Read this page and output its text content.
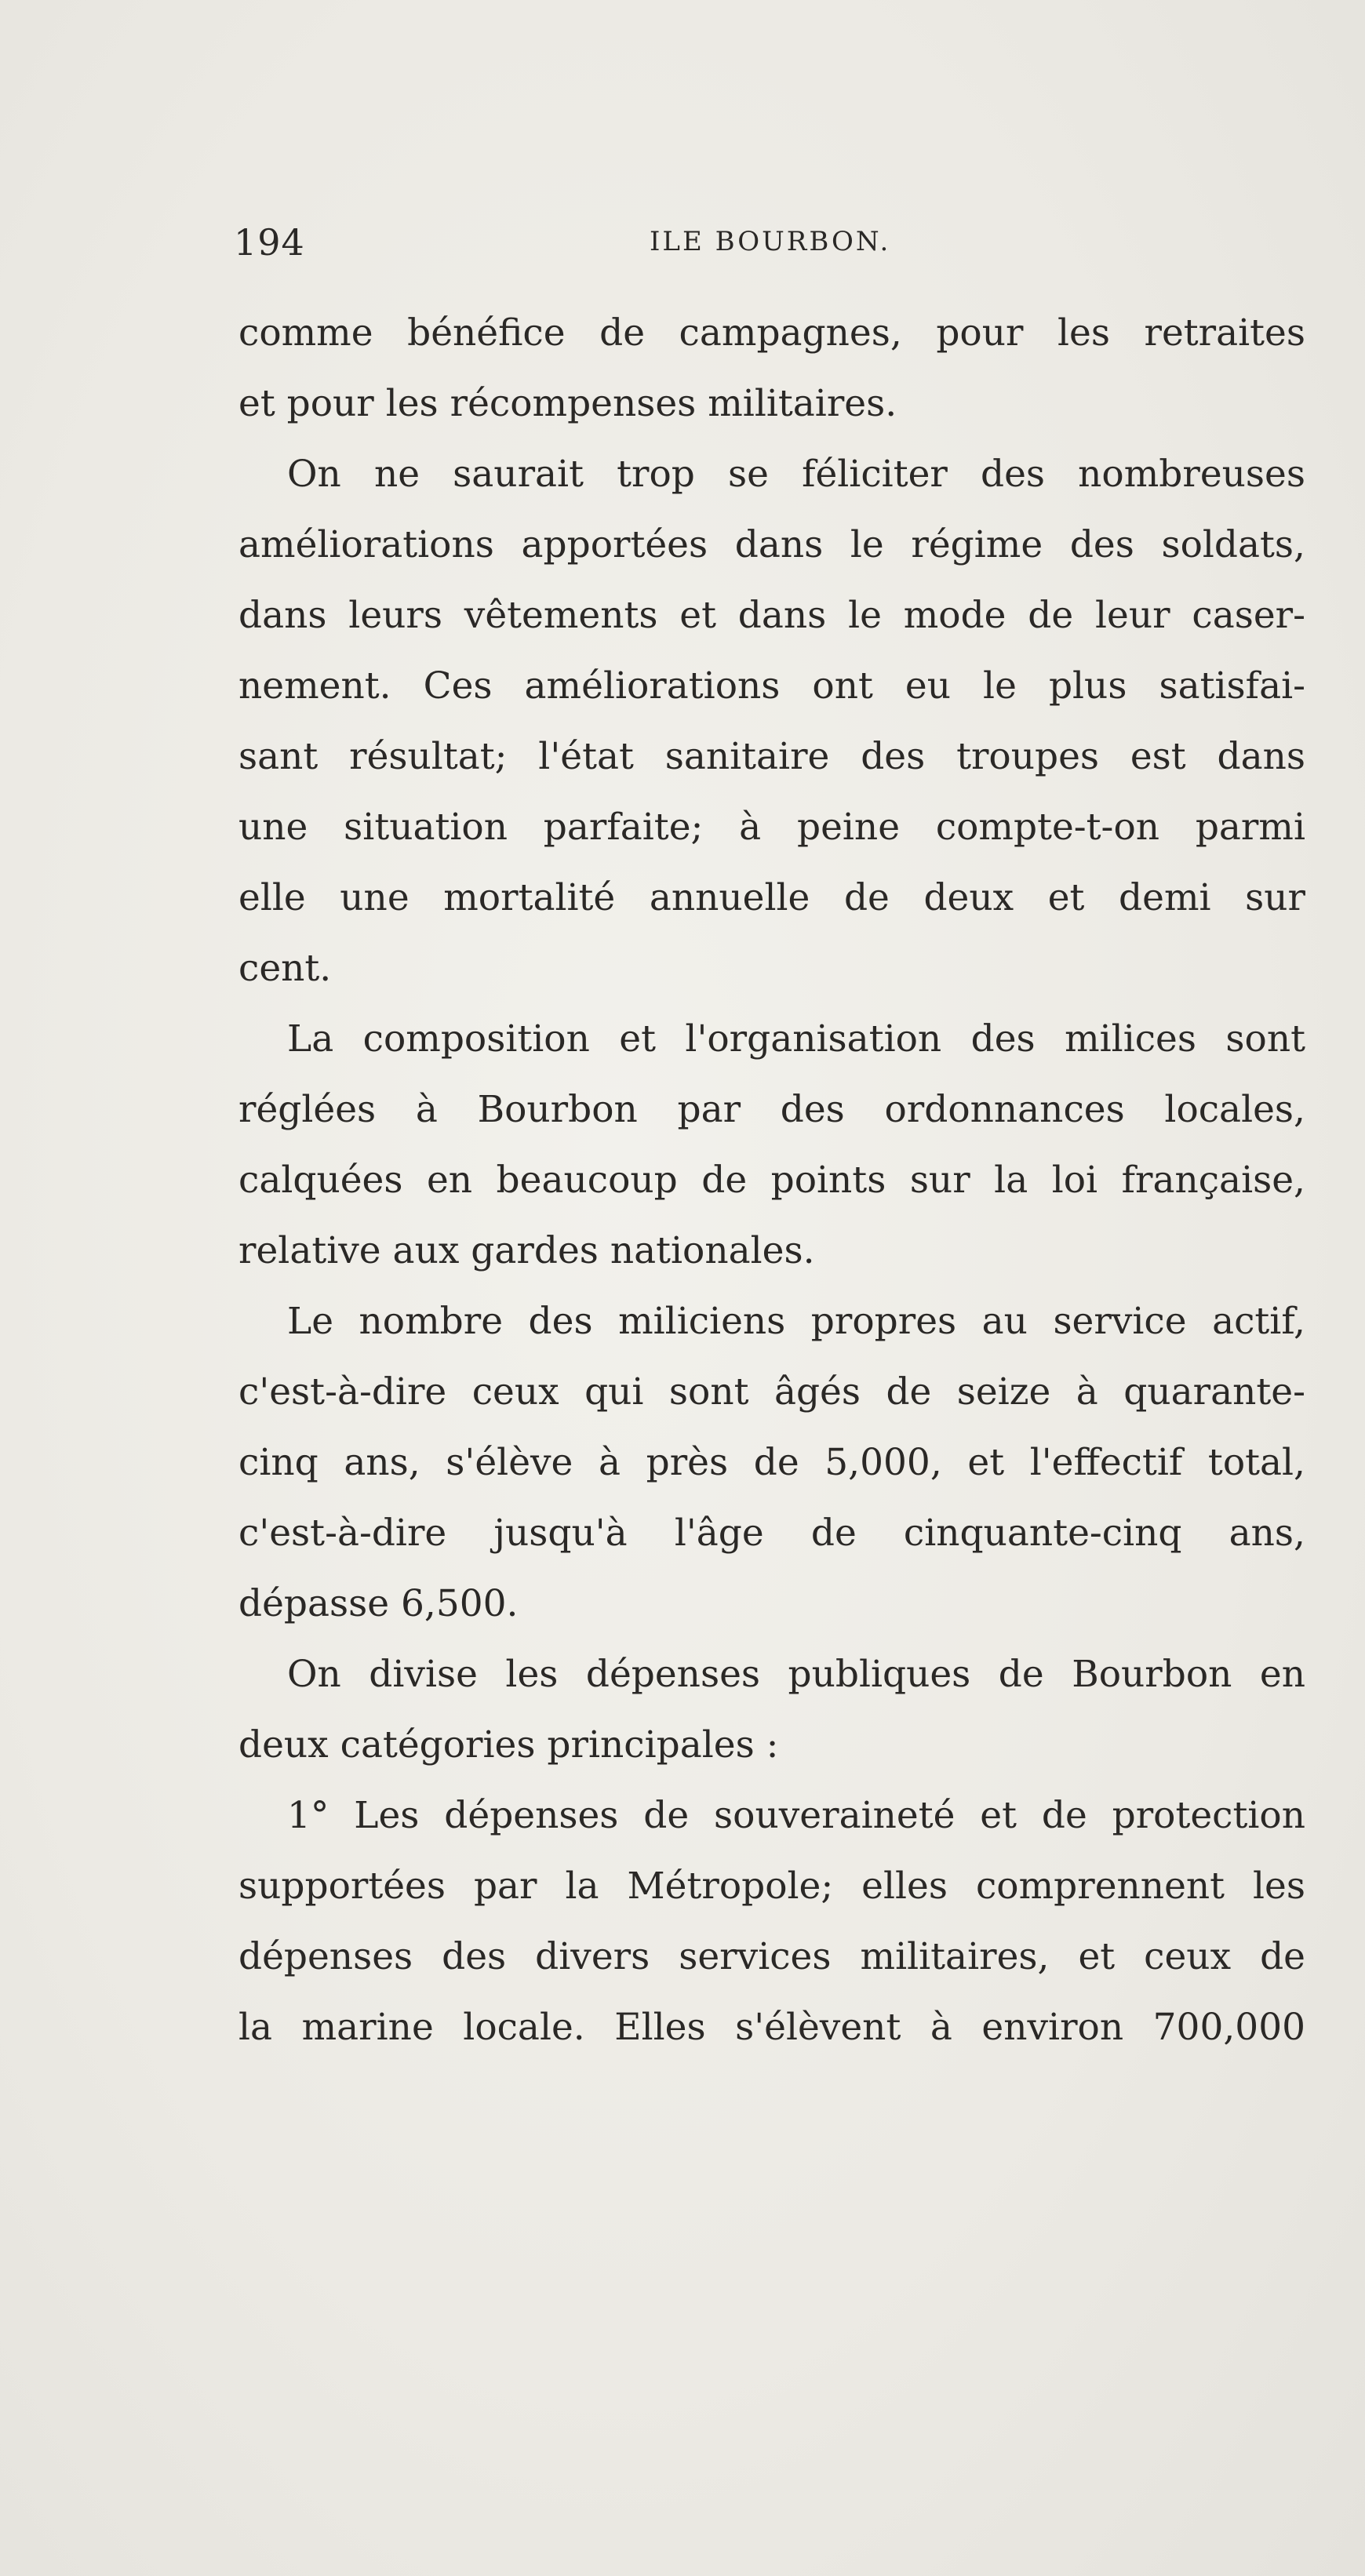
194	ILE BOURBON.
comme bénéfice de campagnes, pour les retraites
et pour les récompenses militaires.
On ne saurait trop se féliciter des nombreuses
améliorations apportées dans le régime des soldats,
dans leurs vêtements et dans le mode de leur caser-
nement. Ces améliorations ont eu le plus satisfai-
sant résultat; l'état sanitaire des troupes est dans
une situation parfaite; à peine compte-t-on parmi
elle une mortalité annuelle de deux et demi sur
cent.
La composition et l'organisation des milices sont
réglées à Bourbon par des ordonnances locales,
calquées en beaucoup de points sur la loi française,
relative aux gardes nationales.
Le nombre des miliciens propres au service actif,
c'est-à-dire ceux qui sont âgés de seize à quarante-
cinq ans, s'élève à près de 5,000, et l'effectif total,
c'est-à-dire jusqu'à l'âge de cinquante-cinq ans,
dépasse 6,500.
On divise les dépenses publiques de Bourbon en
deux catégories principales :
1° Les dépenses de souveraineté et de protection
supportées par la Métropole; elles comprennent les
dépenses des divers services militaires, et ceux de
la marine locale. Elles s'élèvent à environ 700,000
